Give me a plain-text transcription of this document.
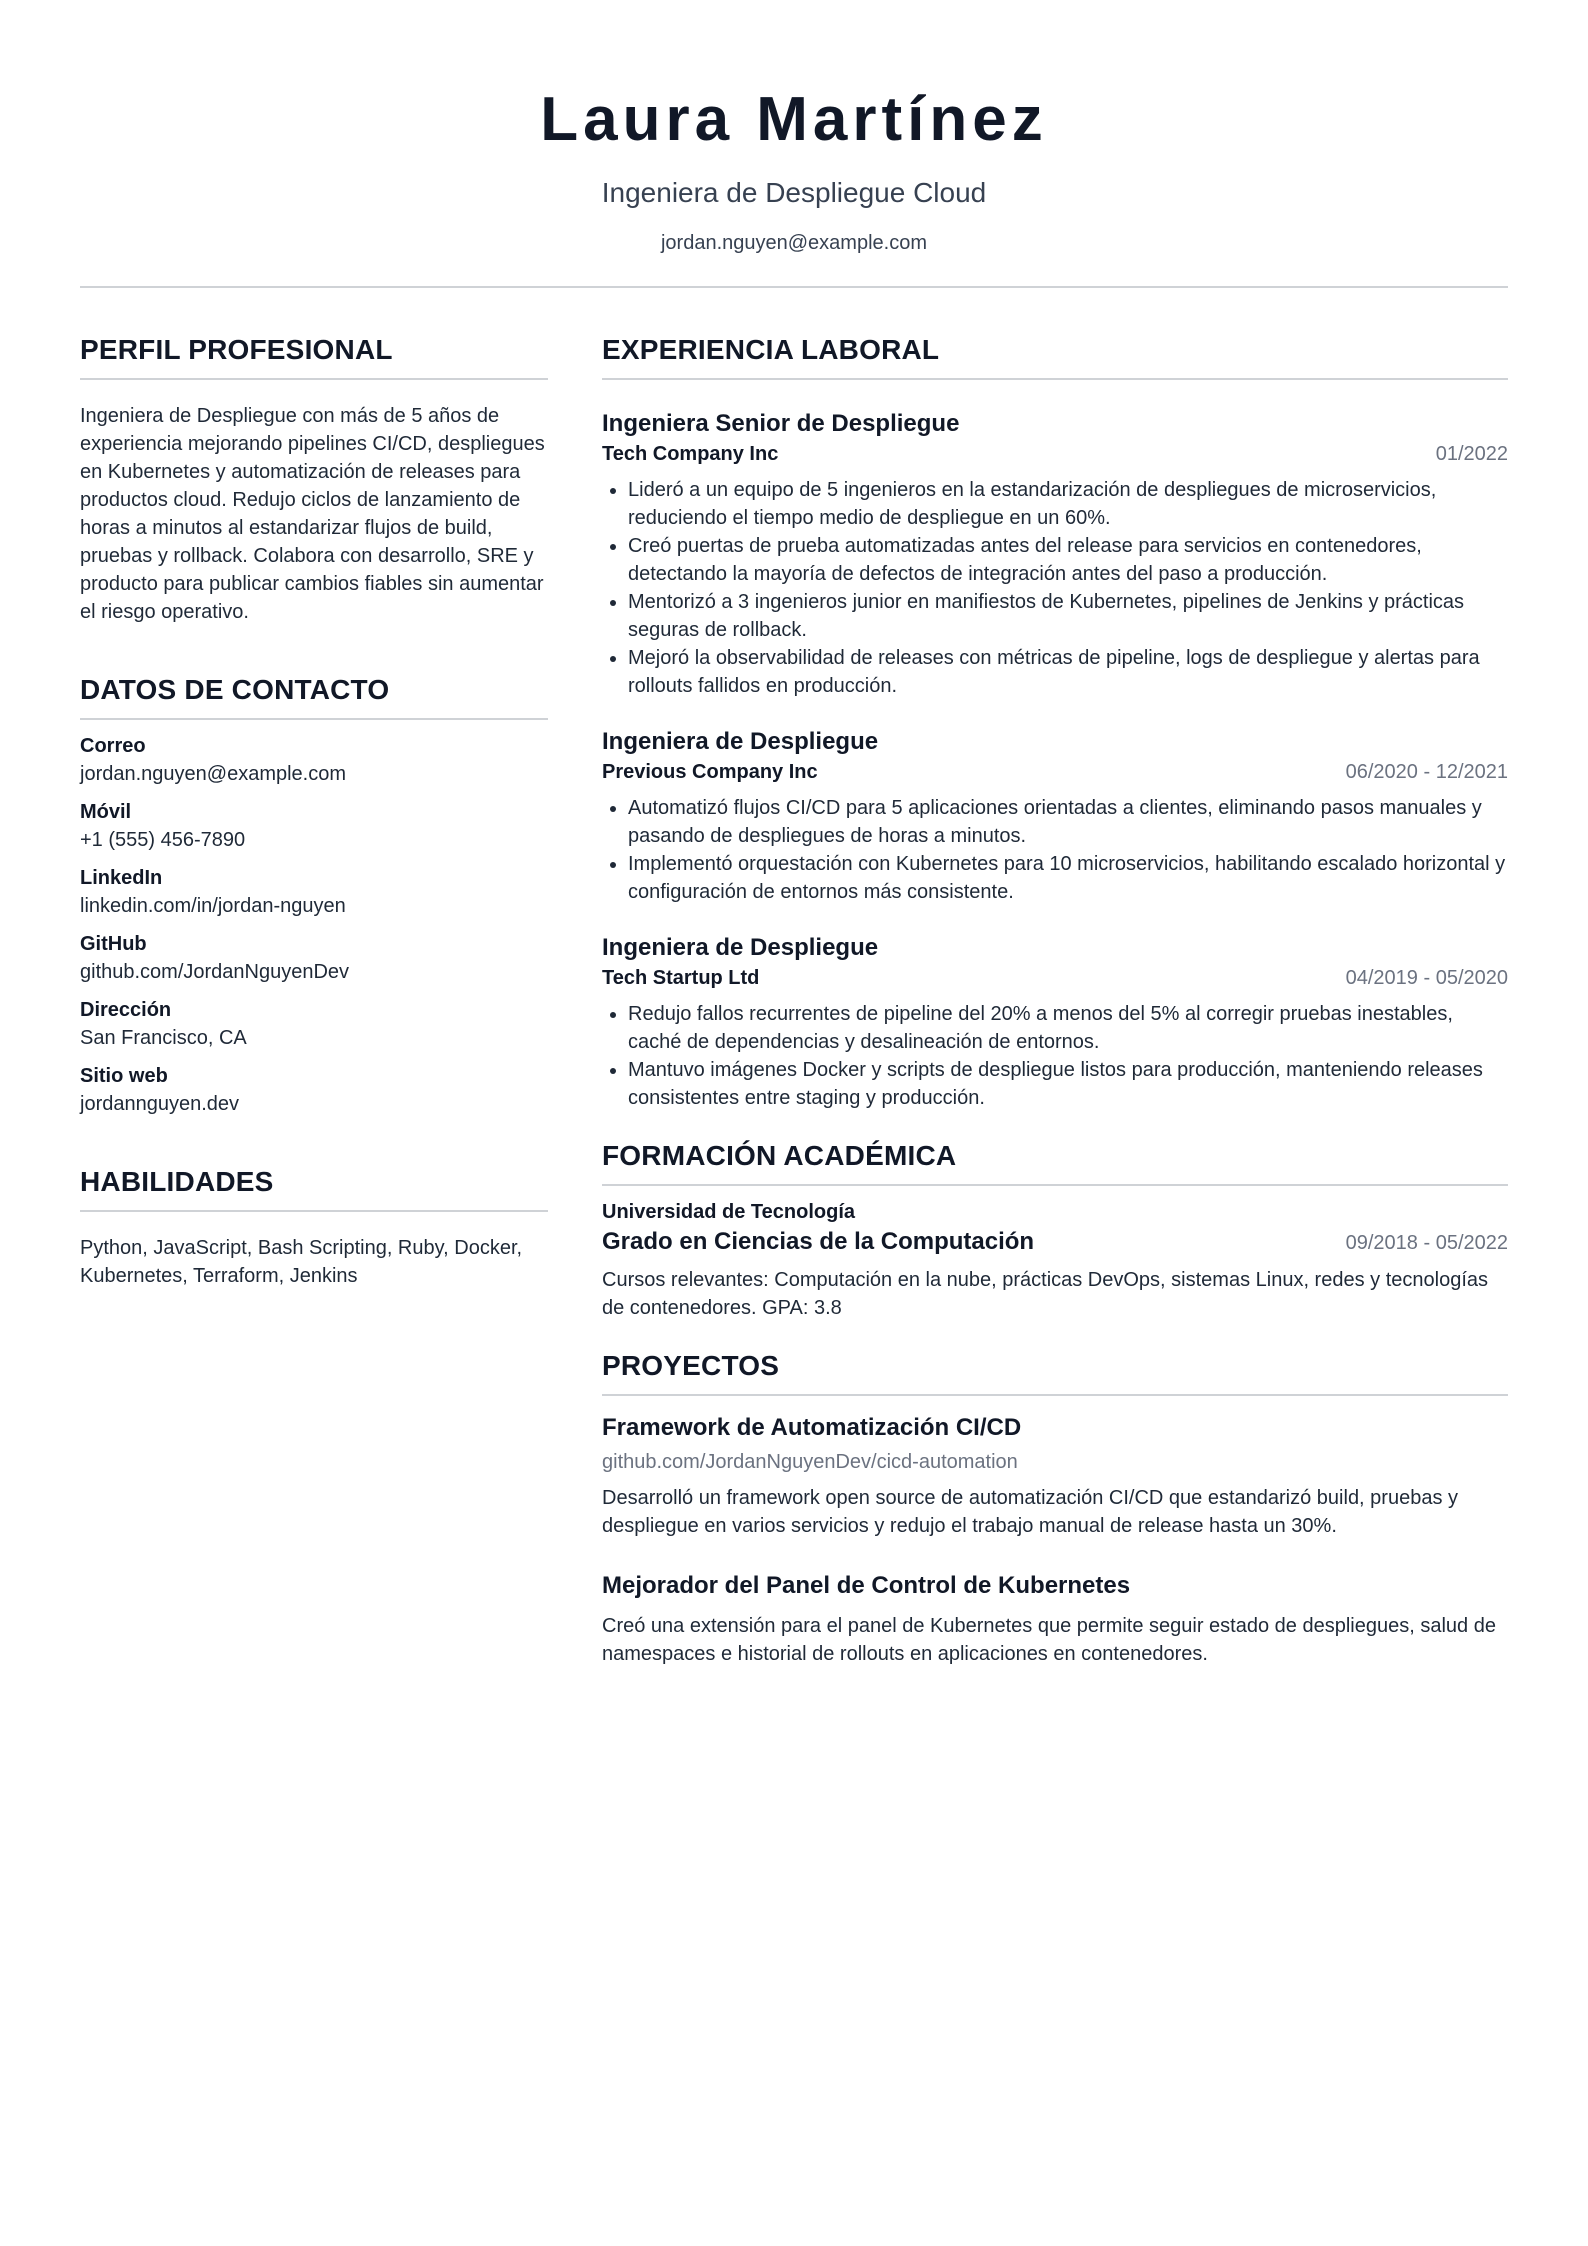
Laura Martínez
Ingeniera de Despliegue Cloud
jordan.nguyen@example.com
PERFIL PROFESIONAL
Ingeniera de Despliegue con más de 5 años de experiencia mejorando pipelines CI/CD, despliegues en Kubernetes y automatización de releases para productos cloud. Redujo ciclos de lanzamiento de horas a minutos al estandarizar flujos de build, pruebas y rollback. Colabora con desarrollo, SRE y producto para publicar cambios fiables sin aumentar el riesgo operativo.
DATOS DE CONTACTO
Correo
jordan.nguyen@example.com
Móvil
+1 (555) 456-7890
LinkedIn
linkedin.com/in/jordan-nguyen
GitHub
github.com/JordanNguyenDev
Dirección
San Francisco, CA
Sitio web
jordannguyen.dev
HABILIDADES
Python, JavaScript, Bash Scripting, Ruby, Docker, Kubernetes, Terraform, Jenkins
EXPERIENCIA LABORAL
Ingeniera Senior de Despliegue
Tech Company Inc	01/2022
• Lideró a un equipo de 5 ingenieros en la estandarización de despliegues de microservicios, reduciendo el tiempo medio de despliegue en un 60%.
• Creó puertas de prueba automatizadas antes del release para servicios en contenedores, detectando la mayoría de defectos de integración antes del paso a producción.
• Mentorizó a 3 ingenieros junior en manifiestos de Kubernetes, pipelines de Jenkins y prácticas seguras de rollback.
• Mejoró la observabilidad de releases con métricas de pipeline, logs de despliegue y alertas para rollouts fallidos en producción.
Ingeniera de Despliegue
Previous Company Inc	06/2020 - 12/2021
• Automatizó flujos CI/CD para 5 aplicaciones orientadas a clientes, eliminando pasos manuales y pasando de despliegues de horas a minutos.
• Implementó orquestación con Kubernetes para 10 microservicios, habilitando escalado horizontal y configuración de entornos más consistente.
Ingeniera de Despliegue
Tech Startup Ltd	04/2019 - 05/2020
• Redujo fallos recurrentes de pipeline del 20% a menos del 5% al corregir pruebas inestables, caché de dependencias y desalineación de entornos.
• Mantuvo imágenes Docker y scripts de despliegue listos para producción, manteniendo releases consistentes entre staging y producción.
FORMACIÓN ACADÉMICA
Universidad de Tecnología
Grado en Ciencias de la Computación	09/2018 - 05/2022
Cursos relevantes: Computación en la nube, prácticas DevOps, sistemas Linux, redes y tecnologías de contenedores. GPA: 3.8
PROYECTOS
Framework de Automatización CI/CD
github.com/JordanNguyenDev/cicd-automation
Desarrolló un framework open source de automatización CI/CD que estandarizó build, pruebas y despliegue en varios servicios y redujo el trabajo manual de release hasta un 30%.
Mejorador del Panel de Control de Kubernetes
Creó una extensión para el panel de Kubernetes que permite seguir estado de despliegues, salud de namespaces e historial de rollouts en aplicaciones en contenedores.
